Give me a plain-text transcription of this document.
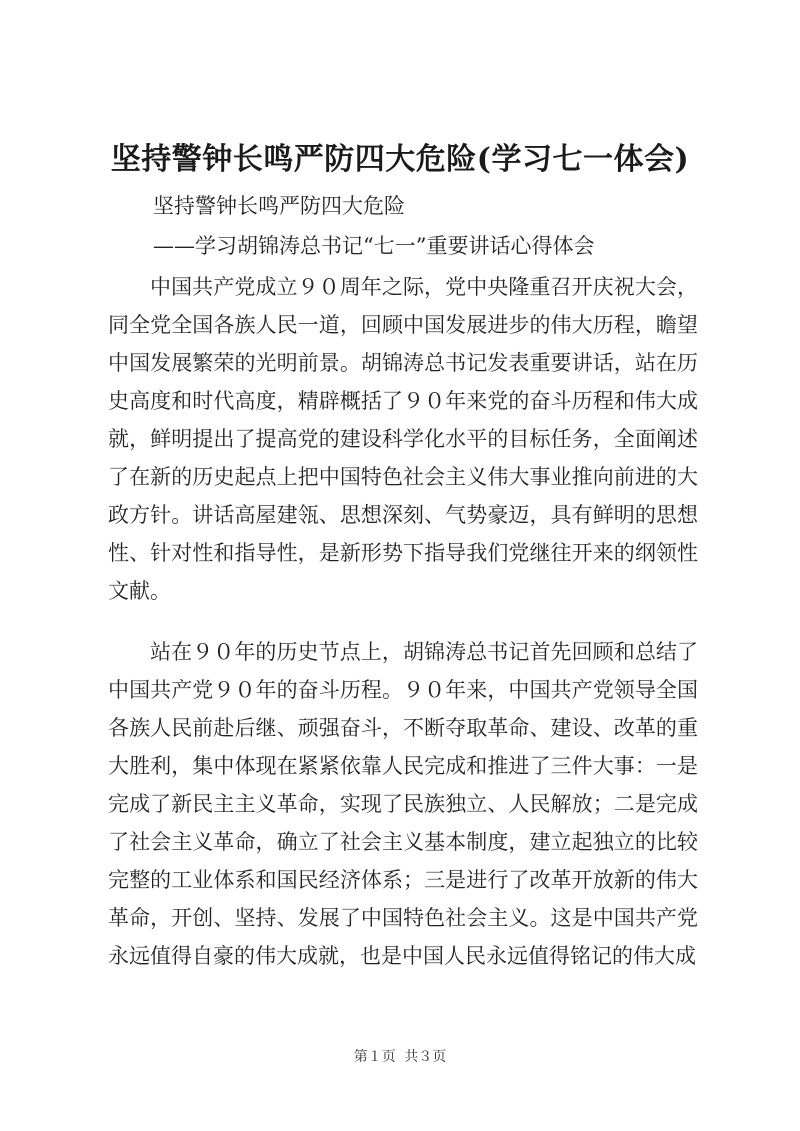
坚持警钟长鸣严防四大危险(学习七一体会)
坚持警钟长鸣严防四大危险
——学习胡锦涛总书记“七一”重要讲话心得体会

中国共产党成立９０周年之际，党中央隆重召开庆祝大会，同全党全国各族人民一道，回顾中国发展进步的伟大历程，瞻望中国发展繁荣的光明前景。胡锦涛总书记发表重要讲话，站在历史高度和时代高度，精辟概括了９０年来党的奋斗历程和伟大成就，鲜明提出了提高党的建设科学化水平的目标任务，全面阐述了在新的历史起点上把中国特色社会主义伟大事业推向前进的大政方针。讲话高屋建瓴、思想深刻、气势豪迈，具有鲜明的思想性、针对性和指导性，是新形势下指导我们党继往开来的纲领性文献。

站在９０年的历史节点上，胡锦涛总书记首先回顾和总结了中国共产党９０年的奋斗历程。９０年来，中国共产党领导全国各族人民前赴后继、顽强奋斗，不断夺取革命、建设、改革的重大胜利，集中体现在紧紧依靠人民完成和推进了三件大事：一是完成了新民主主义革命，实现了民族独立、人民解放；二是完成了社会主义革命，确立了社会主义基本制度，建立起独立的比较完整的工业体系和国民经济体系；三是进行了改革开放新的伟大革命，开创、坚持、发展了中国特色社会主义。这是中国共产党永远值得自豪的伟大成就，也是中国人民永远值得铭记的伟大成

第１页 共３页
